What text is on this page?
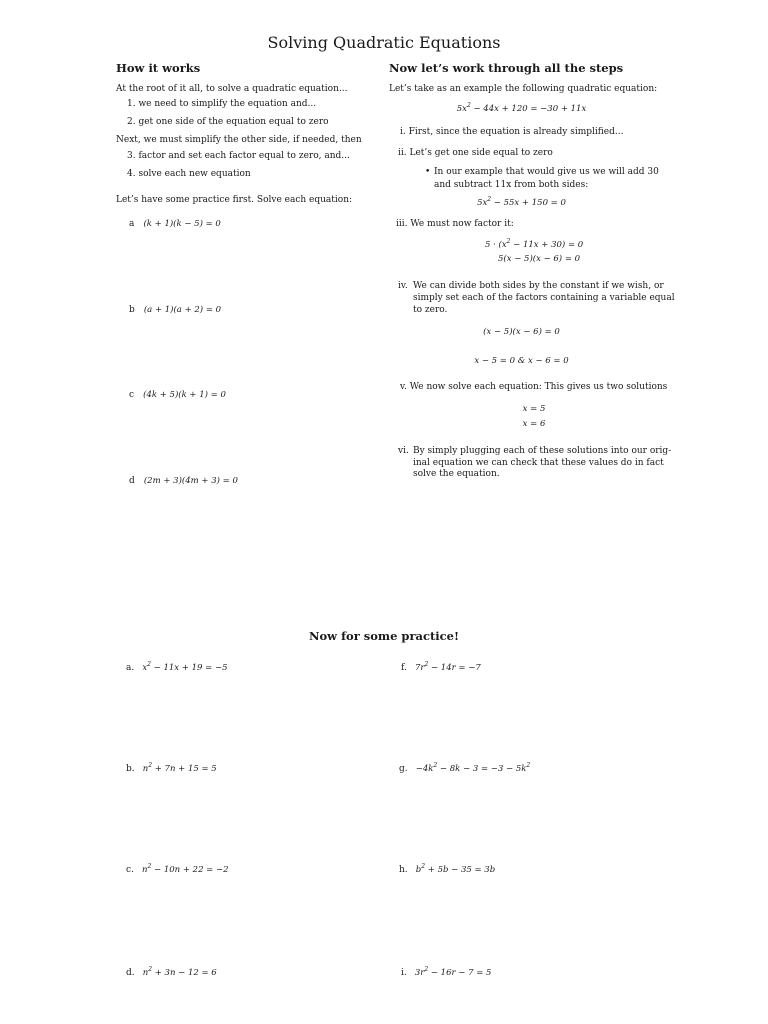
Solving Quadratic Equations
How it works
At the root of it all, to solve a quadratic equation...
1. we need to simplify the equation and...
2. get one side of the equation equal to zero
Next, we must simplify the other side, if needed, then
3. factor and set each factor equal to zero, and...
4. solve each new equation
Let’s have some practice first. Solve each equation:
a (k + 1)(k − 5) = 0
b (a + 1)(a + 2) = 0
c (4k + 5)(k + 1) = 0
d (2m + 3)(4m + 3) = 0
Now let’s work through all the steps
Let’s take as an example the following quadratic equation:
$5x^2 - 44x + 120 = -30 + 11x$
i. First, since the equation is already simplified...
ii. Let’s get one side equal to zero
• In our example that would give us we will add 30
and subtract 11x from both sides:
$5x^2 - 55x + 150 = 0$
iii. We must now factor it:
$5 \cdot (x^2 - 11x + 30) = 0$
5(x − 5)(x − 6) = 0
iv. We can divide both sides by the constant if we wish, or
simply set each of the factors containing a variable equal
to zero.
(x − 5)(x − 6) = 0
x − 5 = 0 & x − 6 = 0
v. We now solve each equation: This gives us two solutions
x = 5
x = 6
vi. By simply plugging each of these solutions into our orig-
inal equation we can check that these values do in fact
solve the equation.
Now for some practice!
a. $x^2 - 11x + 19 = -5$
b. $n^2 + 7n + 15 = 5$
c. $n^2 - 10n + 22 = -2$
d. $n^2 + 3n - 12 = 6$
f. $7r^2 - 14r = -7$
g. $-4k^2 - 8k - 3 = -3 - 5k^2$
h. $b^2 + 5b - 35 = 3b$
i. $3r^2 - 16r - 7 = 5$
